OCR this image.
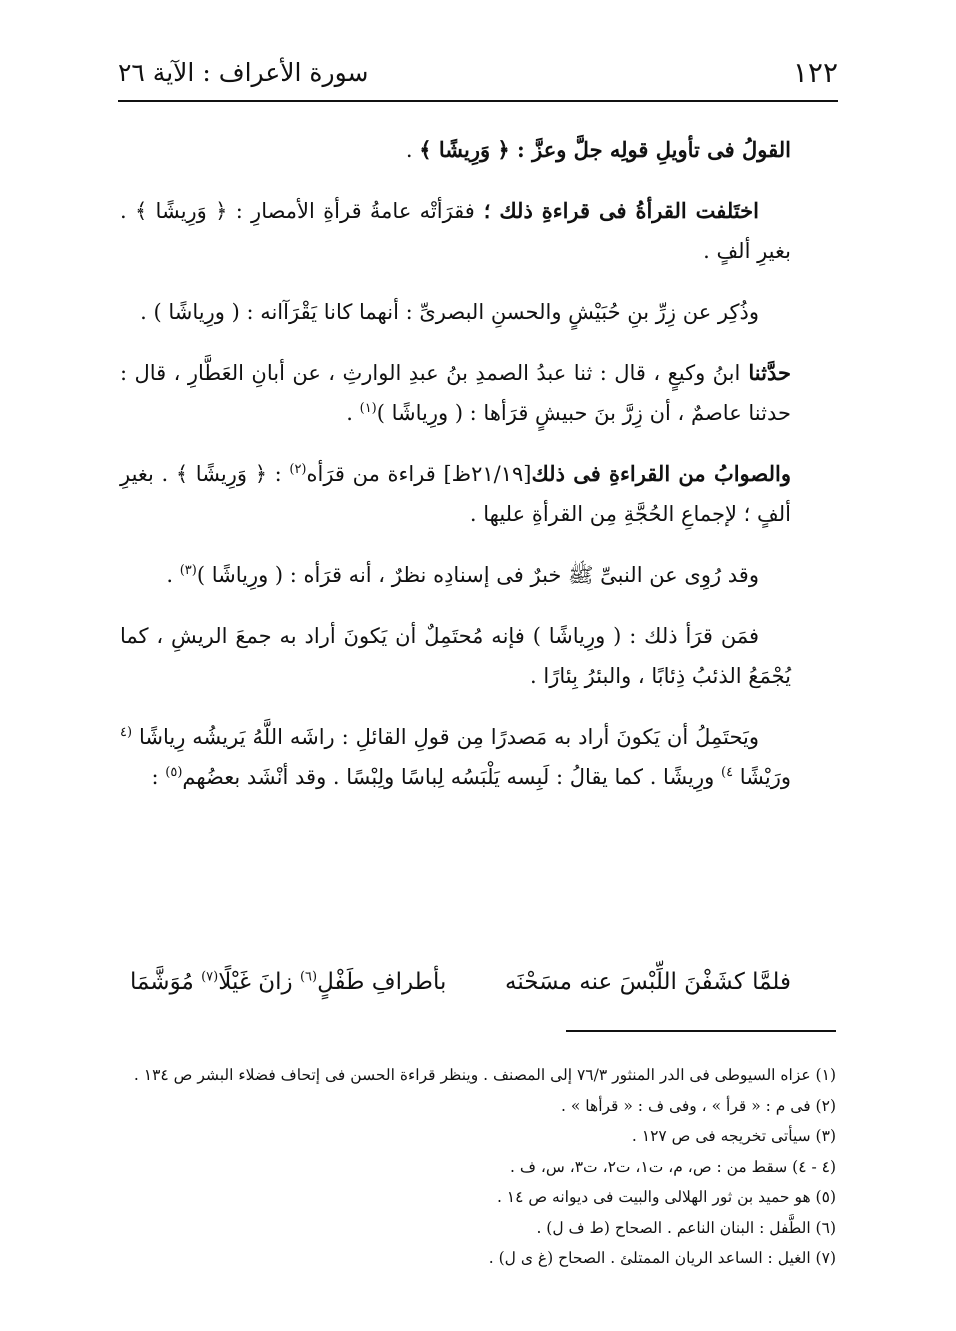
١٢٢
سورة الأعراف : الآية ٢٦

القولُ فى تأويلِ قولِه جلَّ وعزَّ : ﴿ وَرِيشًا ﴾ .

اختَلفت القرأةُ فى قراءةِ ذلك ؛ فقرَأتْه عامةُ قرأةِ الأمصارِ : ﴿ وَرِيشًا ﴾ . بغيرِ ألفٍ .

وذُكِر عن زِرِّ بنِ حُبَيْشٍ والحسنِ البصرىِّ : أنهما كانا يَقْرَآانه : ( ورِياشًا ) .

حدَّثنا ابنُ وكيعٍ ، قال : ثنا عبدُ الصمدِ بنُ عبدِ الوارثِ ، عن أبانِ العَطَّارِ ، قال : حدثنا عاصمٌ ، أن زِرَّ بنَ حبيشٍ قرَأها : ( ورِياشًا )$^{(١)}$ .

والصوابُ من القراءةِ فى ذلك[٢١/١٩ظ] قراءة من قرَأه$^{(٢)}$ : ﴿ وَرِيشًا ﴾ . بغيرِ ألفٍ ؛ لإجماعِ الحُجَّةِ مِن القرأةِ عليها .

وقد رُوِى عن النبىِّ ﷺ خبرٌ فى إسنادِه نظرٌ ، أنه قرَأه : ( ورِياشًا )$^{(٣)}$ .

فمَن قرَأ ذلك : ( ورِياشًا ) فإنه مُحتَمِلٌ أن يَكونَ أراد به جمعَ الريشِ ، كما يُجْمَعُ الذئبُ ذِئابًا ، والبئرُ بِئارًا .

ويَحتَمِلُ أن يَكونَ أراد به مَصدرًا مِن قولِ القائلِ : راشَه اللَّهُ يَريشُه رِياشًا $^{(٤}$ ورَيْشًا $^{٤)}$ ورِيشًا . كما يقالُ : لَبِسه يَلْبَسُه لِباسًا ولِبْسًا . وقد أنْشَد بعضُهم$^{(٥)}$ :

فلمَّا كشَفْنَ اللِّبْسَ عنه مسَحْنَه
بأطرافِ طَفْلٍ$^{(٦)}$ زانَ غَيْلًا$^{(٧)}$ مُوَشَّمَا

(١) عزاه السيوطى فى الدر المنثور ٧٦/٣ إلى المصنف . وينظر قراءة الحسن فى إتحاف فضلاء البشر ص ١٣٤ .

(٢) فى م : « قرأ » ، وفى ف : « قرأها » .

(٣) سيأتى تخريجه فى ص ١٢٧ .

(٤ - ٤) سقط من : ص، م، ت١، ت٢، ت٣، س، ف .

(٥) هو حميد بن ثور الهلالى والبيت فى ديوانه ص ١٤ .

(٦) الطَّفل : البنان الناعم . الصحاح (ط ف ل) .

(٧) الغيل : الساعد الريان الممتلئ . الصحاح (غ ى ل) .
